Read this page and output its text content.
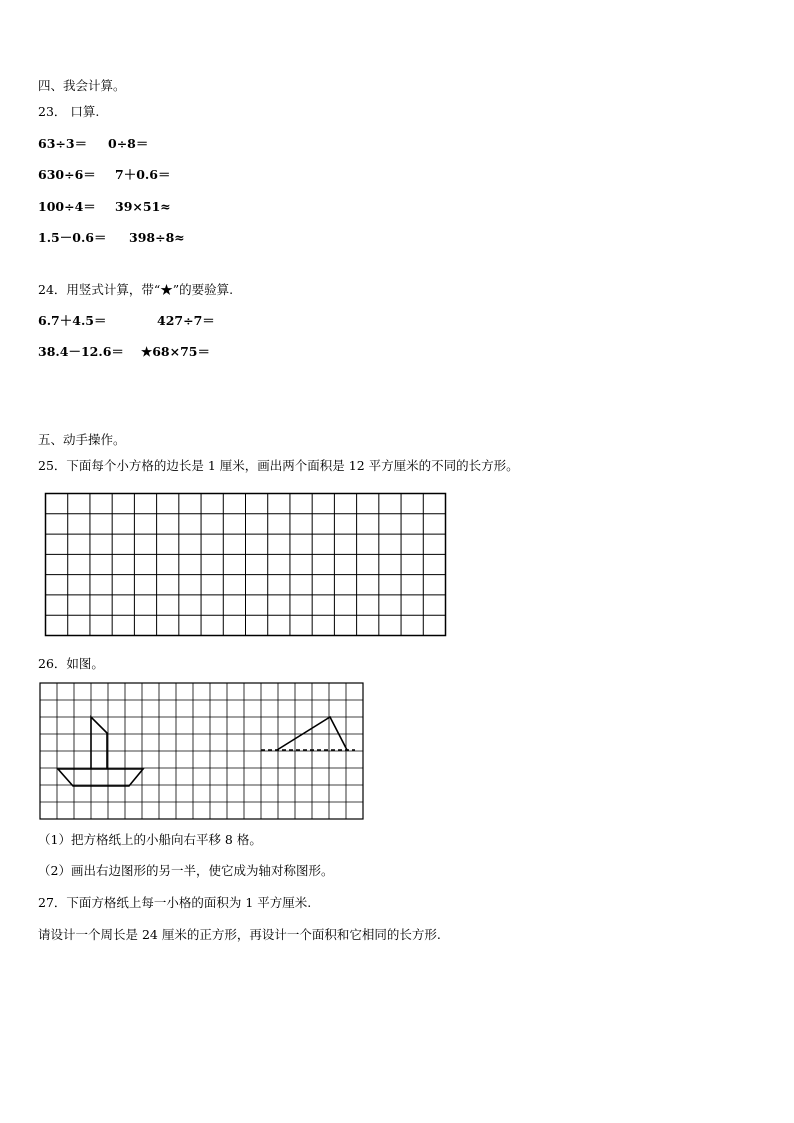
四、我会计算。
23． 口算.
63÷3＝ 0÷8＝
630÷6＝ 7＋0.6＝
100÷4＝ 39×51≈
1.5－0.6＝ 398÷8≈
24．用竖式计算，带“★”的要验算.
6.7＋4.5＝	427÷7＝
38.4－12.6＝ ★68×75＝
五、动手操作。
25．下面每个小方格的边长是 1 厘米，画出两个面积是 12 平方厘米的不同的长方形。
26．如图。
（1）把方格纸上的小船向右平移 8 格。
（2）画出右边图形的另一半，使它成为轴对称图形。
27．下面方格纸上每一小格的面积为 1 平方厘米.
请设计一个周长是 24 厘米的正方形，再设计一个面积和它相同的长方形.
